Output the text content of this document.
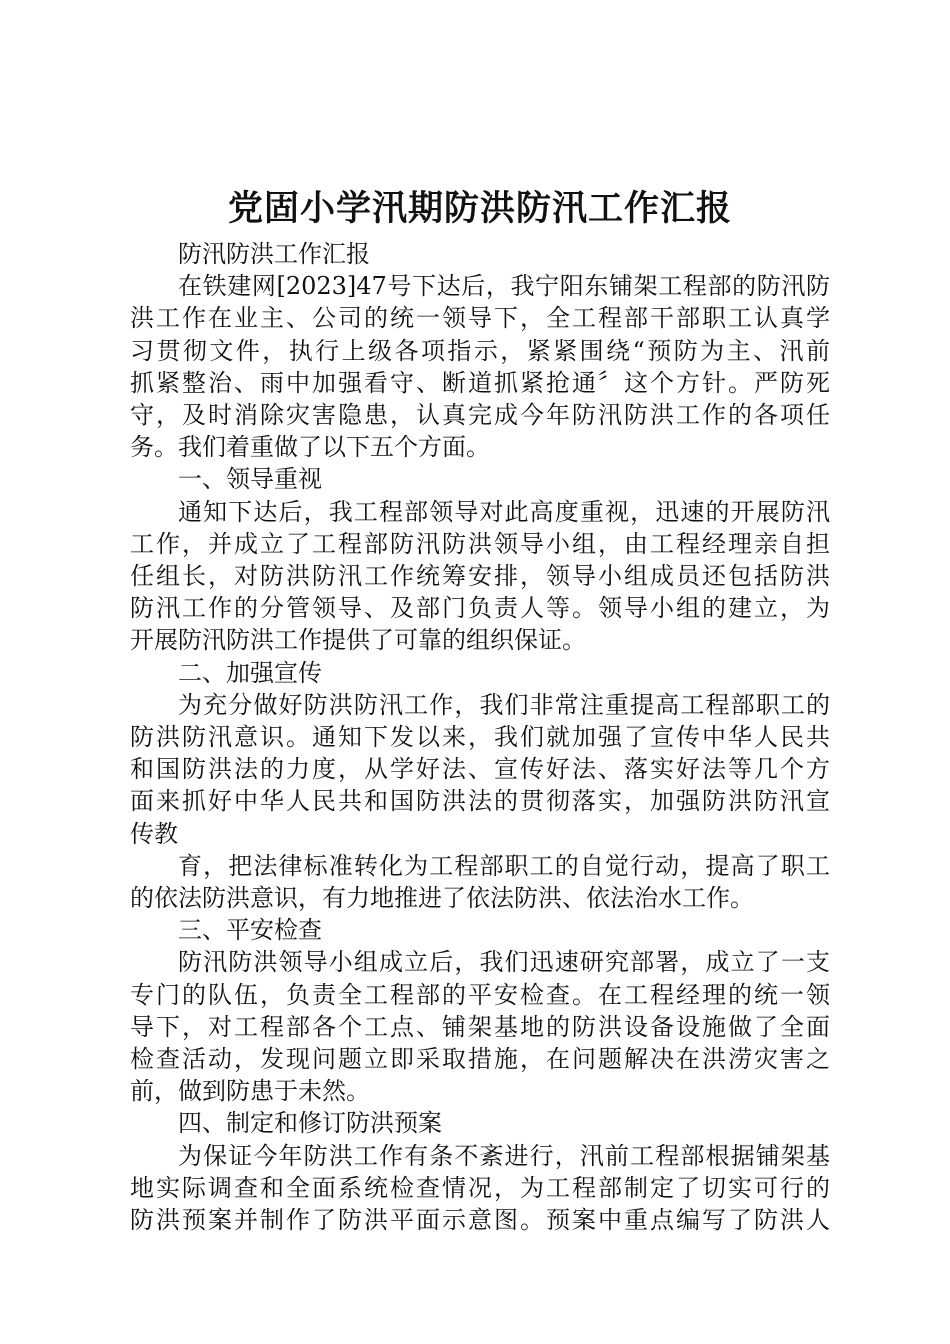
党固小学汛期防洪防汛工作汇报
防汛防洪工作汇报
在铁建网[2023]47号下达后，我宁阳东铺架工程部的防汛防
洪工作在业主、公司的统一领导下，全工程部干部职工认真学
习贯彻文件，执行上级各项指示，紧紧围绕“预防为主、汛前
抓紧整治、雨中加强看守、断道抓紧抢通〞这个方针。严防死
守，及时消除灾害隐患，认真完成今年防汛防洪工作的各项任
务。我们着重做了以下五个方面。
一、领导重视
通知下达后，我工程部领导对此高度重视，迅速的开展防汛
工作，并成立了工程部防汛防洪领导小组，由工程经理亲自担
任组长，对防洪防汛工作统筹安排，领导小组成员还包括防洪
防汛工作的分管领导、及部门负责人等。领导小组的建立，为
开展防汛防洪工作提供了可靠的组织保证。
二、加强宣传
为充分做好防洪防汛工作，我们非常注重提高工程部职工的
防洪防汛意识。通知下发以来，我们就加强了宣传中华人民共
和国防洪法的力度，从学好法、宣传好法、落实好法等几个方
面来抓好中华人民共和国防洪法的贯彻落实，加强防洪防汛宣
传教
育，把法律标准转化为工程部职工的自觉行动，提高了职工
的依法防洪意识，有力地推进了依法防洪、依法治水工作。
三、平安检查
防汛防洪领导小组成立后，我们迅速研究部署，成立了一支
专门的队伍，负责全工程部的平安检查。在工程经理的统一领
导下，对工程部各个工点、铺架基地的防洪设备设施做了全面
检查活动，发现问题立即采取措施，在问题解决在洪涝灾害之
前，做到防患于未然。
四、制定和修订防洪预案
为保证今年防洪工作有条不紊进行，汛前工程部根据铺架基
地实际调查和全面系统检查情况，为工程部制定了切实可行的
防洪预案并制作了防洪平面示意图。预案中重点编写了防洪人
